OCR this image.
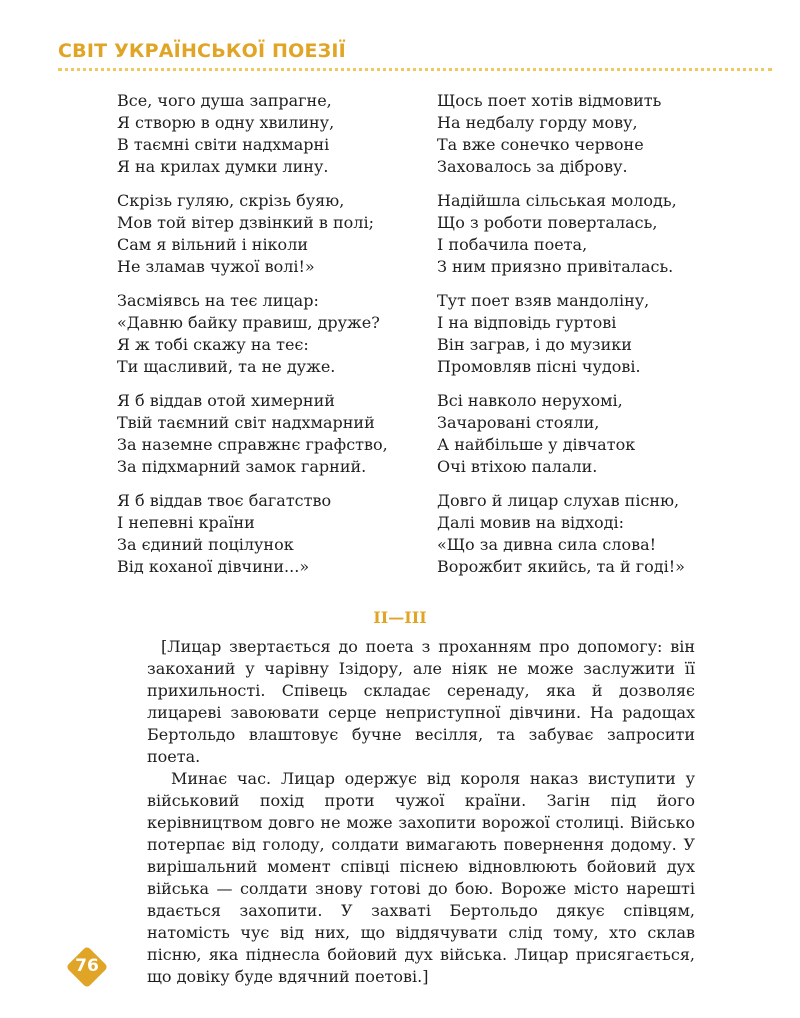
СВІТ УКРАЇНСЬКОЇ ПОЕЗІЇ
Все, чого душа запрагне,
Я створю в одну хвилину,
В таємні світи надхмарні
Я на крилах думки лину.
Скрізь гуляю, скрізь буяю,
Мов той вітер дзвінкий в полі;
Сам я вільний і ніколи
Не зламав чужої волі!»
Засміявсь на теє лицар:
«Давню байку правиш, друже?
Я ж тобі скажу на теє:
Ти щасливий, та не дуже.
Я б віддав отой химерний
Твій таємний світ надхмарний
За наземне справжнє графство,
За підхмарний замок гарний.
Я б віддав твоє багатство
І непевні країни
За єдиний поцілунок
Від коханої дівчини...»
Щось поет хотів відмовить
На недбалу горду мову,
Та вже сонечко червоне
Заховалось за діброву.
Надійшла сільськая молодь,
Що з роботи поверталась,
І побачила поета,
З ним приязно привіталась.
Тут поет взяв мандоліну,
І на відповідь гуртові
Він заграв, і до музики
Промовляв пісні чудові.
Всі навколо нерухомі,
Зачаровані стояли,
А найбільше у дівчаток
Очі втіхою палали.
Довго й лицар слухав пісню,
Далі мовив на відході:
«Що за дивна сила слова!
Ворожбит якийсь, та й годі!»
II—III

[Лицар звертається до поета з проханням про допомогу: він закоханий у чарівну Ізідору, але ніяк не може заслужити її прихильності. Співець складає серенаду, яка й дозволяє лицареві завоювати серце неприступної дівчини. На радощах Бертольдо влаштовує бучне весілля, та забуває запросити поета.

Минає час. Лицар одержує від короля наказ виступити у військовий похід проти чужої країни. Загін під його керівництвом довго не може захопити ворожої столиці. Військо потерпає від голоду, солдати вимагають повернення додому. У вирішальний момент співці піснею відновлюють бойовий дух війська — солдати знову готові до бою. Вороже місто нарешті вдається захопити. У захваті Бертольдо дякує співцям, натомість чує від них, що віддячувати слід тому, хто склав пісню, яка піднесла бойовий дух війська. Лицар присягається, що довіку буде вдячний поетові.]

76
